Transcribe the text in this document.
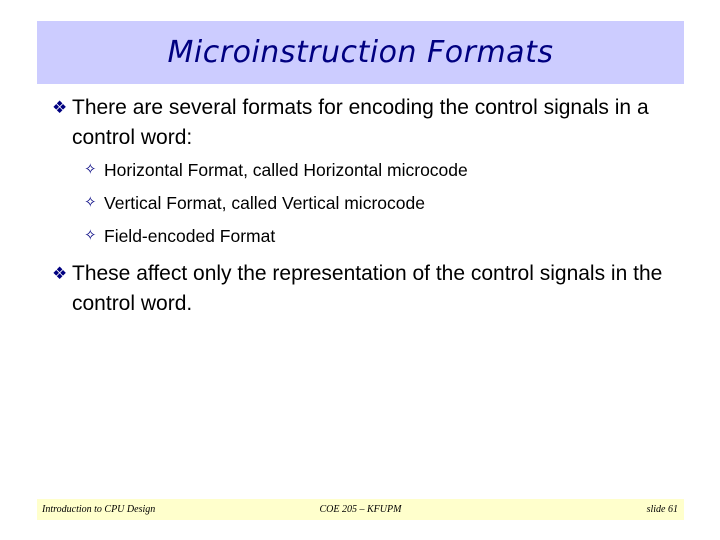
Microinstruction Formats
❖ There are several formats for encoding the control signals in a control word:
✧ Horizontal Format, called Horizontal microcode
✧ Vertical Format, called Vertical microcode
✧ Field-encoded Format
❖ These affect only the representation of the control signals in the control word.
Introduction to CPU Design	COE 205 – KFUPM	slide 61
